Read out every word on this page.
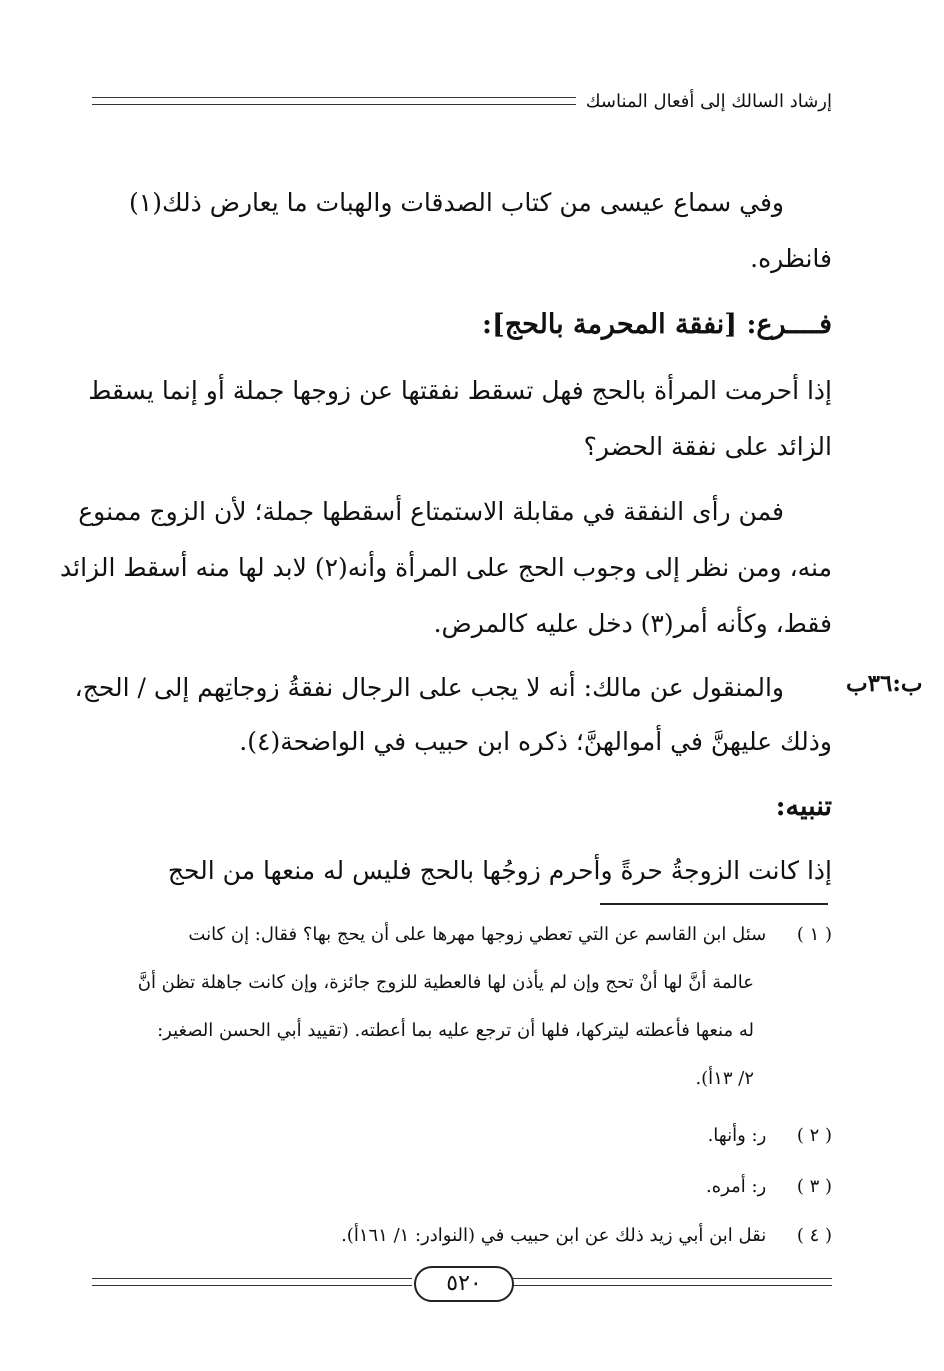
إرشاد السالك إلى أفعال المناسك
وفي سماع عيسى من كتاب الصدقات والهبات ما يعارض ذلك(١)
فانظره.
فــــرع: [نفقة المحرمة بالحج]:
إذا أحرمت المرأة بالحج فهل تسقط نفقتها عن زوجها جملة أو إنما يسقط
الزائد على نفقة الحضر؟
فمن رأى النفقة في مقابلة الاستمتاع أسقطها جملة؛ لأن الزوج ممنوع
منه، ومن نظر إلى وجوب الحج على المرأة وأنه(٢) لابد لها منه أسقط الزائد
فقط، وكأنه أمر(٣) دخل عليه كالمرض.
والمنقول عن مالك: أنه لا يجب على الرجال نفقةُ زوجاتِهم إلى / الحج،
وذلك عليهنَّ في أموالهنَّ؛ ذكره ابن حبيب في الواضحة(٤).
تنبيه:
إذا كانت الزوجةُ حرةً وأحرم زوجُها بالحج فليس له منعها من الحج
ب:٣٦ب
( ١ ) سئل ابن القاسم عن التي تعطي زوجها مهرها على أن يحج بها؟ فقال: إن كانت
عالمة أنَّ لها أنْ تحج وإن لم يأذن لها فالعطية للزوج جائزة، وإن كانت جاهلة تظن أنَّ
له منعها فأعطته ليتركها، فلها أن ترجع عليه بما أعطته. (تقييد أبي الحسن الصغير:
٢/ ١٣أ).
( ٢ ) ر: وأنها.
( ٣ ) ر: أمره.
( ٤ ) نقل ابن أبي زيد ذلك عن ابن حبيب في (النوادر: ١/ ١٦١أ).
٥٢٠
